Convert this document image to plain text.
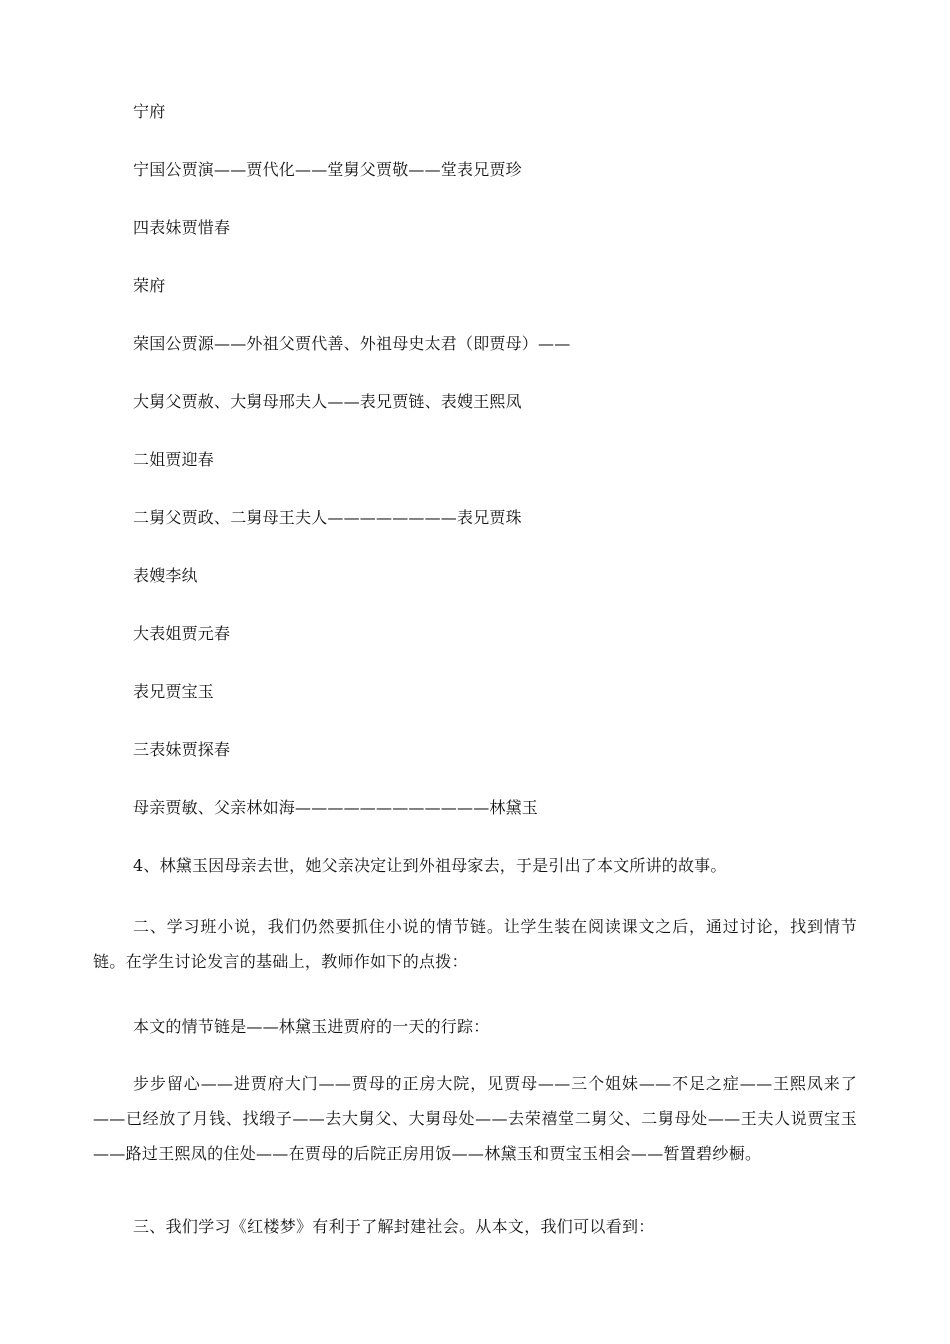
宁府
宁国公贾演——贾代化——堂舅父贾敬——堂表兄贾珍
四表妹贾惜春
荣府
荣国公贾源——外祖父贾代善、外祖母史太君（即贾母）——
大舅父贾赦、大舅母邢夫人——表兄贾链、表嫂王熙凤
二姐贾迎春
二舅父贾政、二舅母王夫人————————表兄贾珠
表嫂李纨
大表姐贾元春
表兄贾宝玉
三表妹贾探春
母亲贾敏、父亲林如海————————————林黛玉
4、林黛玉因母亲去世，她父亲决定让到外祖母家去，于是引出了本文所讲的故事。
二、学习班小说，我们仍然要抓住小说的情节链。让学生装在阅读课文之后，通过讨论，找到情节链。在学生讨论发言的基础上，教师作如下的点拨：
本文的情节链是——林黛玉进贾府的一天的行踪：
步步留心——进贾府大门——贾母的正房大院，见贾母——三个姐妹——不足之症——王熙凤来了——已经放了月钱、找缎子——去大舅父、大舅母处——去荣禧堂二舅父、二舅母处——王夫人说贾宝玉——路过王熙凤的住处——在贾母的后院正房用饭——林黛玉和贾宝玉相会——暂置碧纱橱。
三、我们学习《红楼梦》有利于了解封建社会。从本文，我们可以看到：
